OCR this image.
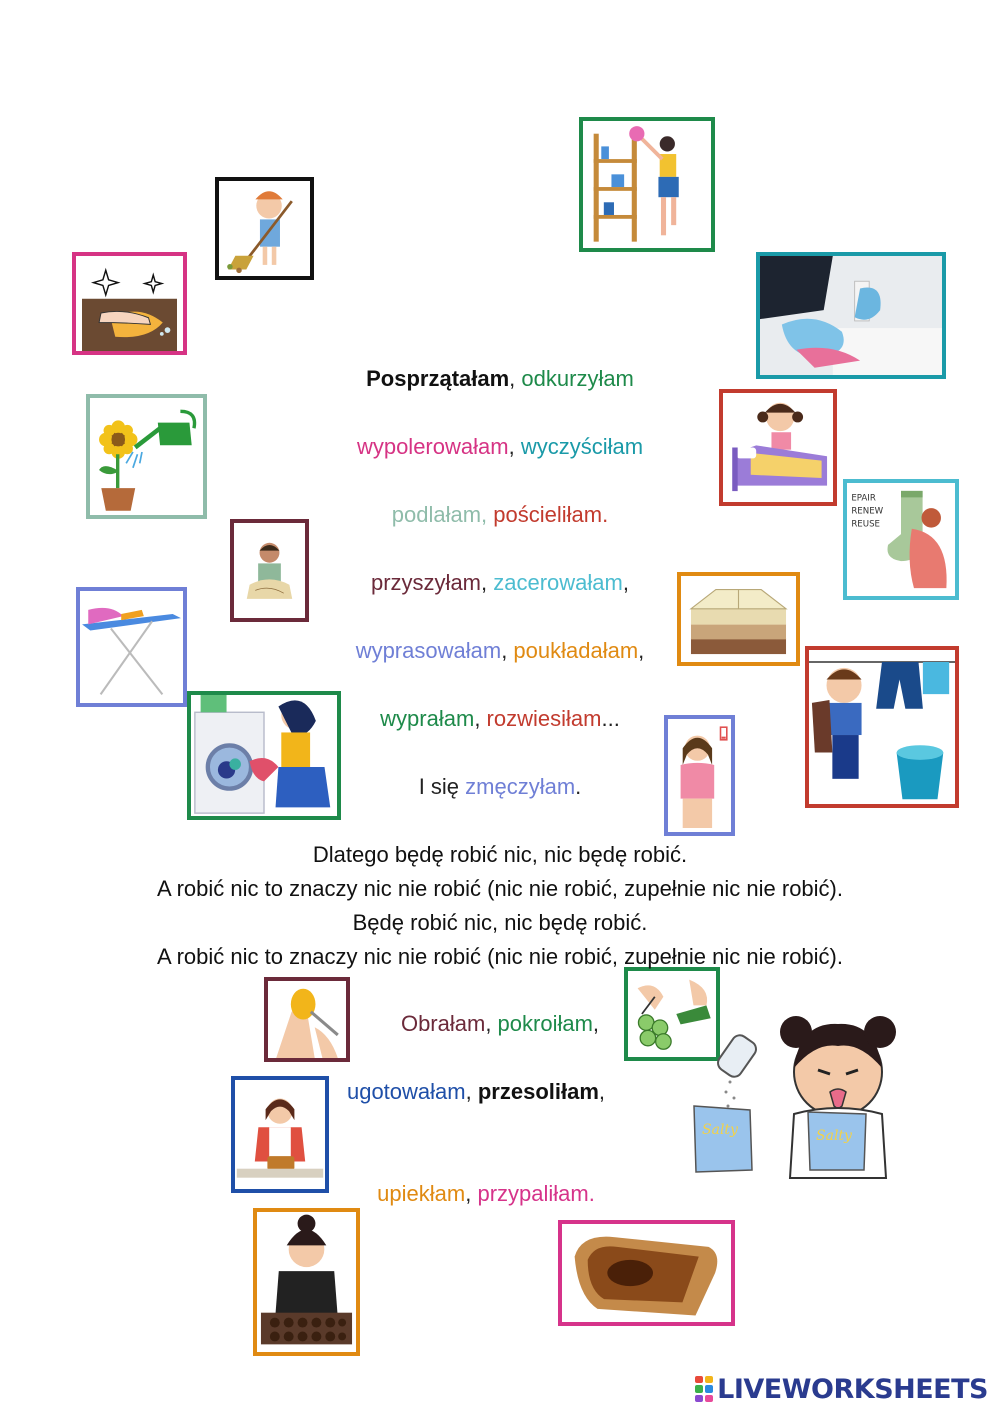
EPAIR
RENEW
REUSE
Salty	Salty
Posprzątałam, odkurzyłam
wypolerowałam, wyczyściłam
podlałam, pościeliłam.
przyszyłam, zacerowałam,
wyprasowałam, poukładałam,
wyprałam, rozwiesiłam...
I się zmęczyłam.
Dlatego będę robić nic, nic będę robić.
A robić nic to znaczy nic nie robić (nic nie robić, zupełnie nic nie robić).
Będę robić nic, nic będę robić.
A robić nic to znaczy nic nie robić (nic nie robić, zupełnie nic nie robić).
Obrałam, pokroiłam,
ugotowałam, przesoliłam,
upiekłam, przypaliłam.
LIVEWORKSHEETS
